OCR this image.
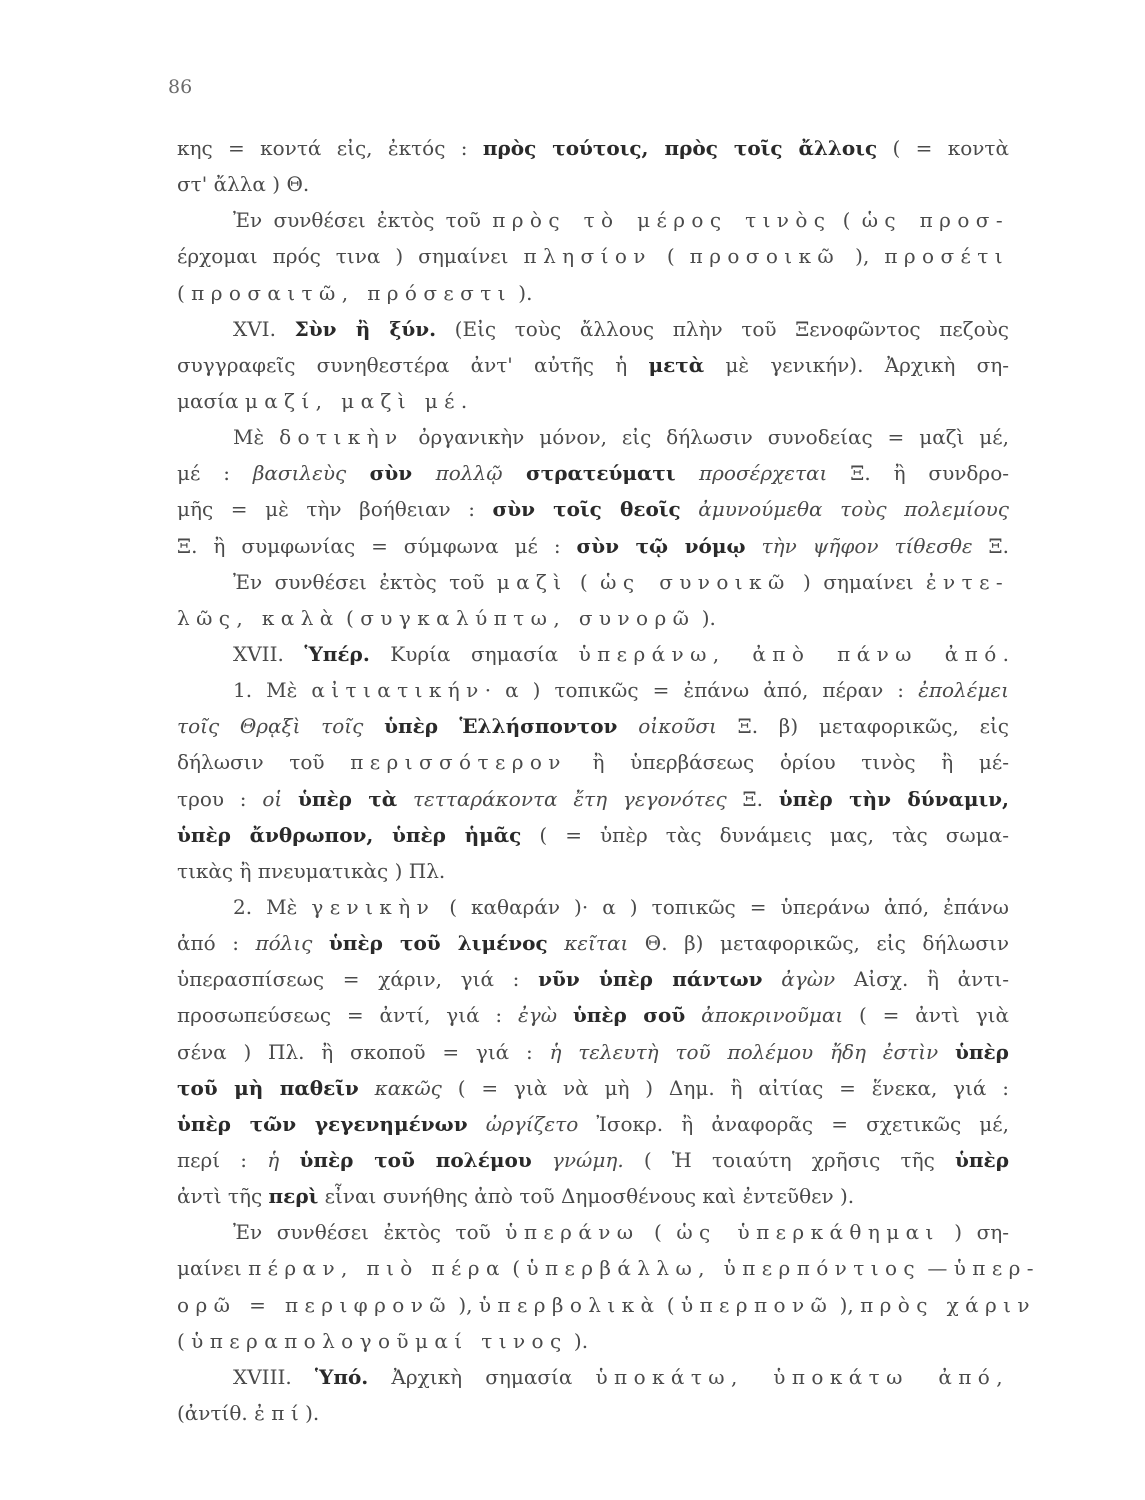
86
κης = κοντά εἰς, ἐκτός : πρὸς τούτοις, πρὸς τοῖς ἄλλοις ( = κοντὰ
στ' ἄλλα ) Θ.
Ἐν συνθέσει ἐκτὸς τοῦ πρὸς τὸ μέρος τινὸς ( ὡς προσ-
έρχομαι πρός τινα ) σημαίνει πλησίον ( προσοικῶ ), προσέτι
( προσαιτῶ, πρόσεστι ).
XVI. Σὺν ἢ ξύν. (Εἰς τοὺς ἄλλους πλὴν τοῦ Ξενοφῶντος πεζοὺς
συγγραφεῖς συνηθεστέρα ἀντ' αὐτῆς ἡ μετὰ μὲ γενικήν). Ἀρχικὴ ση-
μασία μαζί, μαζὶ μέ.
Μὲ δοτικὴν ὀργανικὴν μόνον, εἰς δήλωσιν συνοδείας = μαζὶ μέ,
μέ : βασιλεὺς σὺν πολλῷ στρατεύματι προσέρχεται Ξ. ἢ συνδρο-
μῆς = μὲ τὴν βοήθειαν : σὺν τοῖς θεοῖς ἀμυνούμεθα τοὺς πολεμίους
Ξ. ἢ συμφωνίας = σύμφωνα μέ : σὺν τῷ νόμῳ τὴν ψῆφον τίθεσθε Ξ.
Ἐν συνθέσει ἐκτὸς τοῦ μαζὶ ( ὡς συνοικῶ ) σημαίνει ἐντε-
λῶς, καλὰ ( συγκαλύπτω, συνορῶ ).
XVII. Ὑπέρ. Κυρία σημασία ὑπεράνω, ἀπὸ πάνω ἀπό.
1. Μὲ αἰτιατικήν· α ) τοπικῶς = ἐπάνω ἀπό, πέραν : ἐπολέμει
τοῖς Θρᾳξὶ τοῖς ὑπὲρ Ἑλλήσποντον οἰκοῦσι Ξ. β) μεταφορικῶς, εἰς
δήλωσιν τοῦ περισσότερον ἢ ὑπερβάσεως ὁρίου τινὸς ἢ μέ-
τρου : οἱ ὑπὲρ τὰ τετταράκοντα ἔτη γεγονότες Ξ. ὑπὲρ τὴν δύναμιν,
ὑπὲρ ἄνθρωπον, ὑπὲρ ἡμᾶς ( = ὑπὲρ τὰς δυνάμεις μας, τὰς σωμα-
τικὰς ἢ πνευματικὰς ) Πλ.
2. Μὲ γενικὴν ( καθαράν )· α ) τοπικῶς = ὑπεράνω ἀπό, ἐπάνω
ἀπό : πόλις ὑπὲρ τοῦ λιμένος κεῖται Θ. β) μεταφορικῶς, εἰς δήλωσιν
ὑπερασπίσεως = χάριν, γιά : νῦν ὑπὲρ πάντων ἀγὼν Αἰσχ. ἢ ἀντι-
προσωπεύσεως = ἀντί, γιά : ἐγὼ ὑπὲρ σοῦ ἀποκρινοῦμαι ( = ἀντὶ γιὰ
σένα ) Πλ. ἢ σκοποῦ = γιά : ἡ τελευτὴ τοῦ πολέμου ἤδη ἐστὶν ὑπὲρ
τοῦ μὴ παθεῖν κακῶς ( = γιὰ νὰ μὴ ) Δημ. ἢ αἰτίας = ἕνεκα, γιά :
ὑπὲρ τῶν γεγενημένων ὠργίζετο Ἰσοκρ. ἢ ἀναφορᾶς = σχετικῶς μέ,
περί : ἡ ὑπὲρ τοῦ πολέμου γνώμη. ( Ἡ τοιαύτη χρῆσις τῆς ὑπὲρ
ἀντὶ τῆς περὶ εἶναι συνήθης ἀπὸ τοῦ Δημοσθένους καὶ ἐντεῦθεν ).
Ἐν συνθέσει ἐκτὸς τοῦ ὑπεράνω ( ὡς ὑπερκάθημαι ) ση-
μαίνει πέραν, πιὸ πέρα ( ὑπερβάλλω, ὑπερπόντιος — ὑπερ-
ορῶ = περιφρονῶ ), ὑπερβολικὰ ( ὑπερπονῶ ), πρὸς χάριν
( ὑπεραπολογοῦμαί τινος ).
XVIII. Ὑπό. Ἀρχικὴ σημασία ὑποκάτω, ὑποκάτω ἀπό,
(ἀντίθ. ἐπί).
